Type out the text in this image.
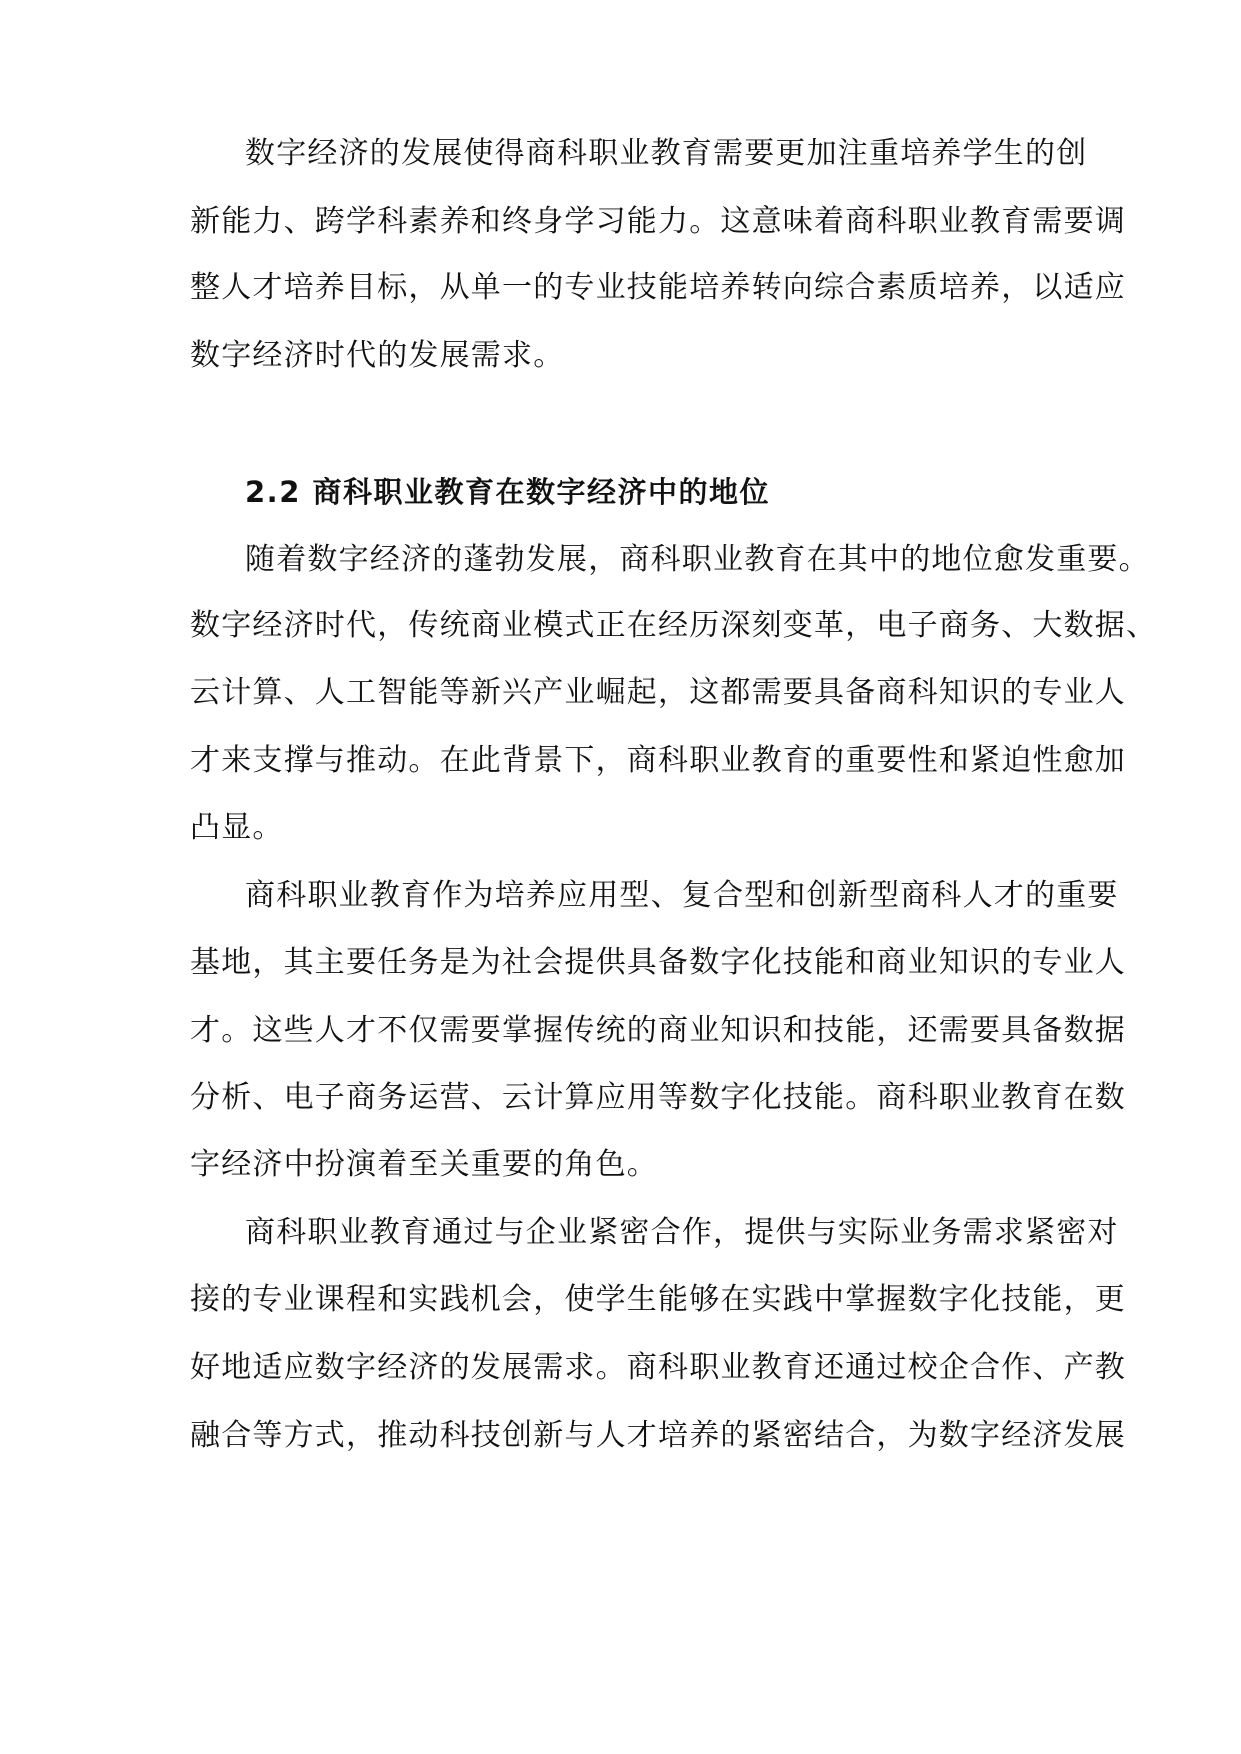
数字经济的发展使得商科职业教育需要更加注重培养学生的创
新能力、跨学科素养和终身学习能力。这意味着商科职业教育需要调
整人才培养目标，从单一的专业技能培养转向综合素质培养，以适应
数字经济时代的发展需求。
2.2 商科职业教育在数字经济中的地位
随着数字经济的蓬勃发展，商科职业教育在其中的地位愈发重要。
数字经济时代，传统商业模式正在经历深刻变革，电子商务、大数据、
云计算、人工智能等新兴产业崛起，这都需要具备商科知识的专业人
才来支撑与推动。在此背景下，商科职业教育的重要性和紧迫性愈加
凸显。
商科职业教育作为培养应用型、复合型和创新型商科人才的重要
基地，其主要任务是为社会提供具备数字化技能和商业知识的专业人
才。这些人才不仅需要掌握传统的商业知识和技能，还需要具备数据
分析、电子商务运营、云计算应用等数字化技能。商科职业教育在数
字经济中扮演着至关重要的角色。
商科职业教育通过与企业紧密合作，提供与实际业务需求紧密对
接的专业课程和实践机会，使学生能够在实践中掌握数字化技能，更
好地适应数字经济的发展需求。商科职业教育还通过校企合作、产教
融合等方式，推动科技创新与人才培养的紧密结合，为数字经济发展
